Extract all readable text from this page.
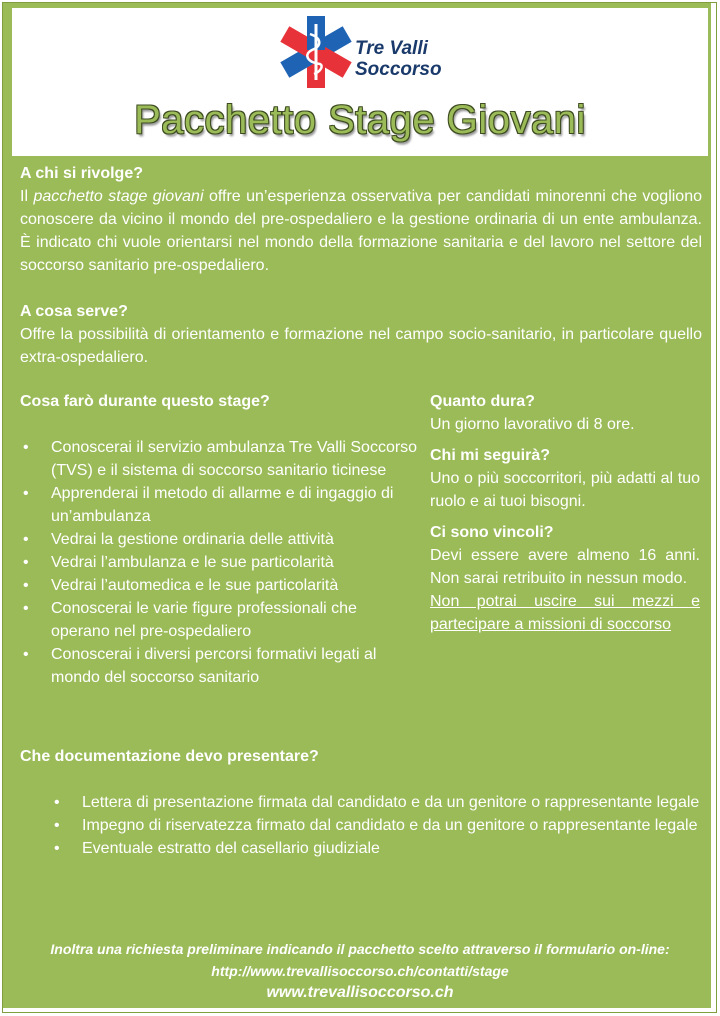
Tre Valli
Soccorso
Pacchetto Stage Giovani

A chi si rivolge?

Il pacchetto stage giovani offre un’esperienza osservativa per candidati minorenni che vogliono conoscere da vicino il mondo del pre-ospedaliero e la gestione ordinaria di un ente ambulanza. È indicato chi vuole orientarsi nel mondo della formazione sanitaria e del lavoro nel settore del soccorso sanitario pre-ospedaliero.

A cosa serve?

Offre la possibilità di orientamento e formazione nel campo socio-sanitario, in particolare quello extra-ospedaliero.

Cosa farò durante questo stage?

• Conoscerai il servizio ambulanza Tre Valli Soccorso (TVS) e il sistema di soccorso sanitario ticinese
• Apprenderai il metodo di allarme e di ingaggio di un’ambulanza
• Vedrai la gestione ordinaria delle attività
• Vedrai l’ambulanza e le sue particolarità
• Vedrai l’automedica e le sue particolarità
• Conoscerai le varie figure professionali che operano nel pre-ospedaliero
• Conoscerai i diversi percorsi formativi legati al mondo del soccorso sanitario

Quanto dura?

Un giorno lavorativo di 8 ore.

Chi mi seguirà?

Uno o più soccorritori, più adatti al tuo ruolo e ai tuoi bisogni.

Ci sono vincoli?

Devi essere avere almeno 16 anni. Non sarai retribuito in nessun modo.

Non potrai uscire sui mezzi e partecipare a missioni di soccorso

Che documentazione devo presentare?

• Lettera di presentazione firmata dal candidato e da un genitore o rappresentante legale
• Impegno di riservatezza firmato dal candidato e da un genitore o rappresentante legale
• Eventuale estratto del casellario giudiziale
Inoltra una richiesta preliminare indicando il pacchetto scelto attraverso il formulario on-line:
http://www.trevallisoccorso.ch/contatti/stage
www.trevallisoccorso.ch
